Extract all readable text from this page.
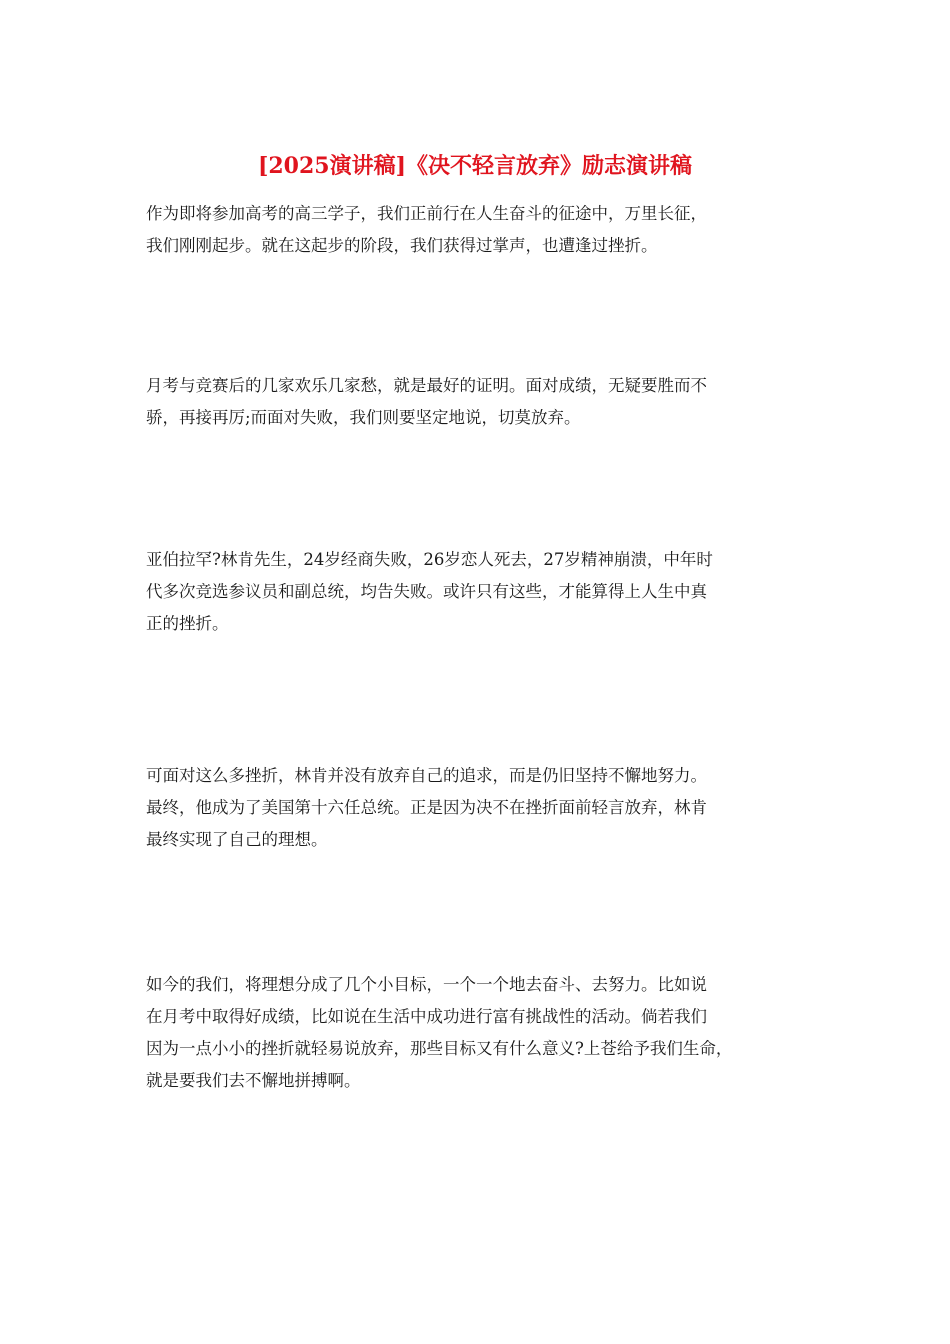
[2025演讲稿]《决不轻言放弃》励志演讲稿
作为即将参加高考的高三学子，我们正前行在人生奋斗的征途中，万里长征，
我们刚刚起步。就在这起步的阶段，我们获得过掌声，也遭逢过挫折。
月考与竞赛后的几家欢乐几家愁，就是最好的证明。面对成绩，无疑要胜而不
骄，再接再厉;而面对失败，我们则要坚定地说，切莫放弃。
亚伯拉罕?林肯先生，24岁经商失败，26岁恋人死去，27岁精神崩溃，中年时
代多次竞选参议员和副总统，均告失败。或许只有这些，才能算得上人生中真
正的挫折。
可面对这么多挫折，林肯并没有放弃自己的追求，而是仍旧坚持不懈地努力。
最终，他成为了美国第十六任总统。正是因为决不在挫折面前轻言放弃，林肯
最终实现了自己的理想。
如今的我们，将理想分成了几个小目标，一个一个地去奋斗、去努力。比如说
在月考中取得好成绩，比如说在生活中成功进行富有挑战性的活动。倘若我们
因为一点小小的挫折就轻易说放弃，那些目标又有什么意义?上苍给予我们生命，
就是要我们去不懈地拼搏啊。
